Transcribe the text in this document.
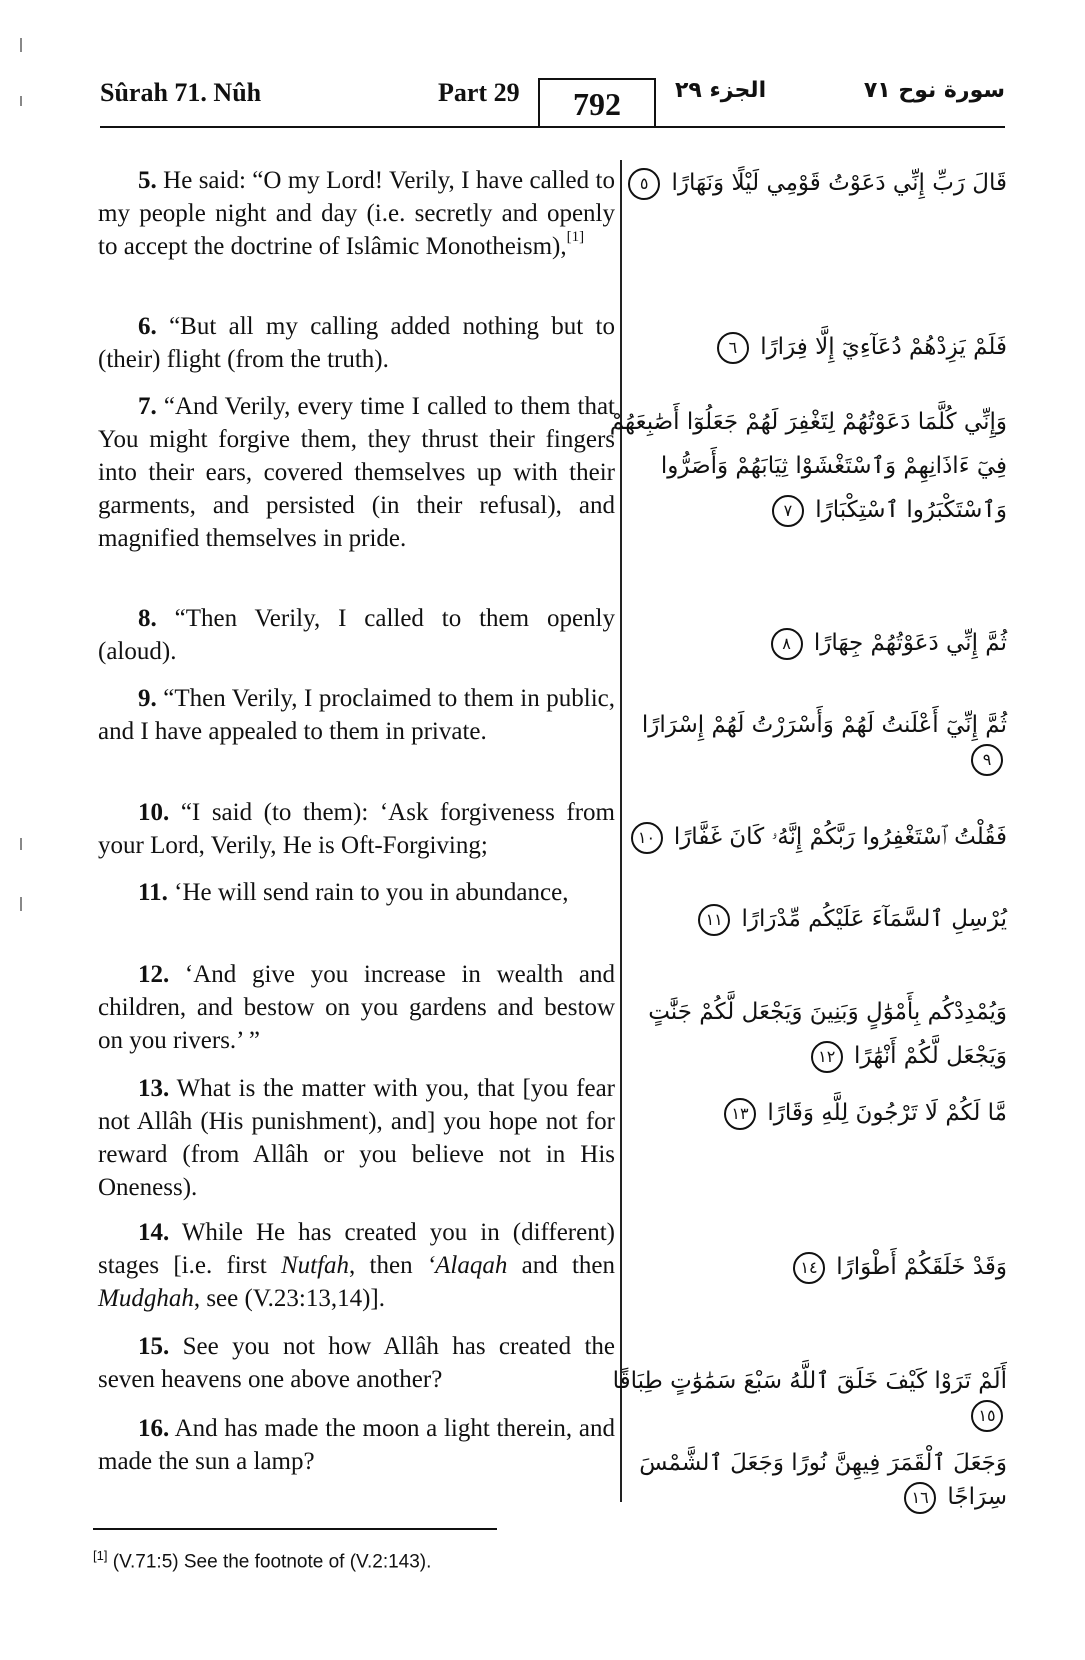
Sûrah 71. Nûh	Part 29 792 الجزء ٢٩	سورة نوح ٧١
5. He said: “O my Lord! Verily, I have called to my people night and day (i.e. secretly and openly to accept the doctrine of Islâmic Monotheism),[1]
6. “But all my calling added nothing but to (their) flight (from the truth).
7. “And Verily, every time I called to them that You might forgive them, they thrust their fingers into their ears, covered themselves up with their garments, and persisted (in their refusal), and magnified themselves in pride.
8. “Then Verily, I called to them openly (aloud).
9. “Then Verily, I proclaimed to them in public, and I have appealed to them in private.
10. “I said (to them): ‘Ask forgiveness from your Lord, Verily, He is Oft-Forgiving;
11. ‘He will send rain to you in abundance,
12. ‘And give you increase in wealth and children, and bestow on you gardens and bestow on you rivers.’ ”
13. What is the matter with you, that [you fear not Allâh (His punishment), and] you hope not for reward (from Allâh or you believe not in His Oneness).
14. While He has created you in (different) stages [i.e. first Nutfah, then ‘Alaqah and then Mudghah, see (V.23:13,14)].
15. See you not how Allâh has created the seven heavens one above another?
16. And has made the moon a light therein, and made the sun a lamp?
قَالَ رَبِّ إِنِّي دَعَوْتُ قَوْمِي لَيْلًا وَنَهَارًا ٥
فَلَمْ يَزِدْهُمْ دُعَآءِيٓ إِلَّا فِرَارًا ٦
وَإِنِّي كُلَّمَا دَعَوْتُهُمْ لِتَغْفِرَ لَهُمْ جَعَلُوٓا أَصَٰبِعَهُمْ فِيٓ ءَاذَانِهِمْ وَٱسْتَغْشَوْا ثِيَابَهُمْ وَأَصَرُّوا وَٱسْتَكْبَرُوا ٱسْتِكْبَارًا ٧
ثُمَّ إِنِّي دَعَوْتُهُمْ جِهَارًا ٨
ثُمَّ إِنِّيٓ أَعْلَنتُ لَهُمْ وَأَسْرَرْتُ لَهُمْ إِسْرَارًا ٩
فَقُلْتُ ٱسْتَغْفِرُوا رَبَّكُمْ إِنَّهُۥ كَانَ غَفَّارًا ١٠
يُرْسِلِ ٱلسَّمَآءَ عَلَيْكُم مِّدْرَارًا ١١
وَيُمْدِدْكُم بِأَمْوَٰلٍ وَبَنِينَ وَيَجْعَل لَّكُمْ جَنَّٰتٍ وَيَجْعَل لَّكُمْ أَنْهَٰرًا ١٢
مَّا لَكُمْ لَا تَرْجُونَ لِلَّهِ وَقَارًا ١٣
وَقَدْ خَلَقَكُمْ أَطْوَارًا ١٤
أَلَمْ تَرَوْا كَيْفَ خَلَقَ ٱللَّهُ سَبْعَ سَمَٰوَٰتٍ طِبَاقًا ١٥
وَجَعَلَ ٱلْقَمَرَ فِيهِنَّ نُورًا وَجَعَلَ ٱلشَّمْسَ سِرَاجًا ١٦
[1] (V.71:5) See the footnote of (V.2:143).
